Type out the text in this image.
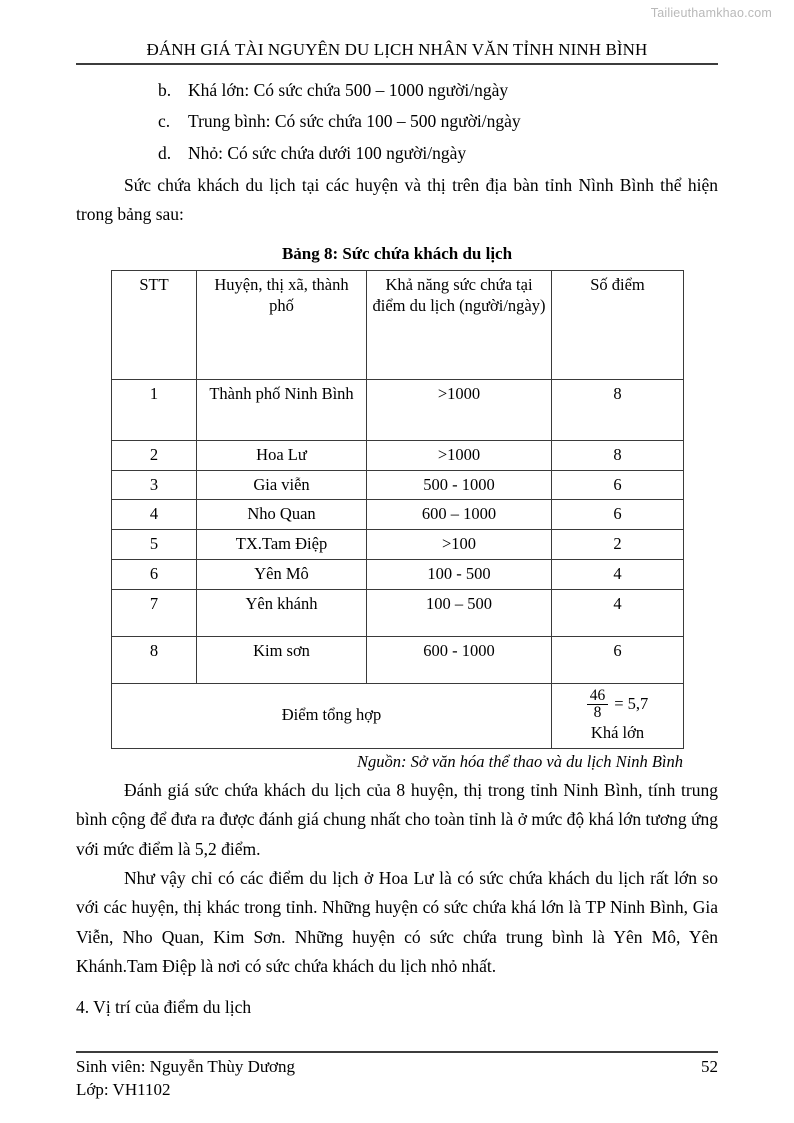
Tailieuthamkhao.com
ĐÁNH GIÁ TÀI NGUYÊN DU LỊCH NHÂN VĂN TỈNH NINH BÌNH
b. Khá lớn: Có sức chứa 500 – 1000 người/ngày
c.	Trung bình: Có sức chứa 100 – 500 người/ngày
d. Nhỏ: Có sức chứa dưới 100 người/ngày

Sức chứa khách du lịch tại các huyện và thị trên địa bàn tỉnh Nình Bình thể hiện trong bảng sau:

Bảng 8: Sức chứa khách du lịch
STT	Huyện, thị xã, thành phố	Khả năng sức chứa tại điểm du lịch (người/ngày)	Số điểm
1	Thành phố Ninh Bình	>1000	8
2	Hoa Lư	>1000	8
3	Gia viễn	500 - 1000	6
4	Nho Quan	600 – 1000	6
5	TX.Tam Điệp	>100	2
6	Yên Mô	100 - 500	4
7	Yên khánh	100 – 500	4
8	Kim sơn	600 - 1000	6
Điểm tổng hợp			$\frac{46}{8} = 5,7$
Khá lớn

Nguồn: Sở văn hóa thể thao và du lịch Ninh Bình

Đánh giá sức chứa khách du lịch của 8 huyện, thị trong tỉnh Ninh Bình, tính trung bình cộng để đưa ra được đánh giá chung nhất cho toàn tỉnh là ở mức độ khá lớn tương ứng với mức điểm là 5,2 điểm.

Như vậy chỉ có các điểm du lịch ở Hoa Lư là có sức chứa khách du lịch rất lớn so với các huyện, thị khác trong tỉnh. Những huyện có sức chứa khá lớn là TP Ninh Bình, Gia Viễn, Nho Quan, Kim Sơn. Những huyện có sức chứa trung bình là Yên Mô, Yên Khánh.Tam Điệp là nơi có sức chứa khách du lịch nhỏ nhất.

4. Vị trí của điểm du lịch

Sinh viên: Nguyễn Thùy Dương
Lớp: VH1102
52
